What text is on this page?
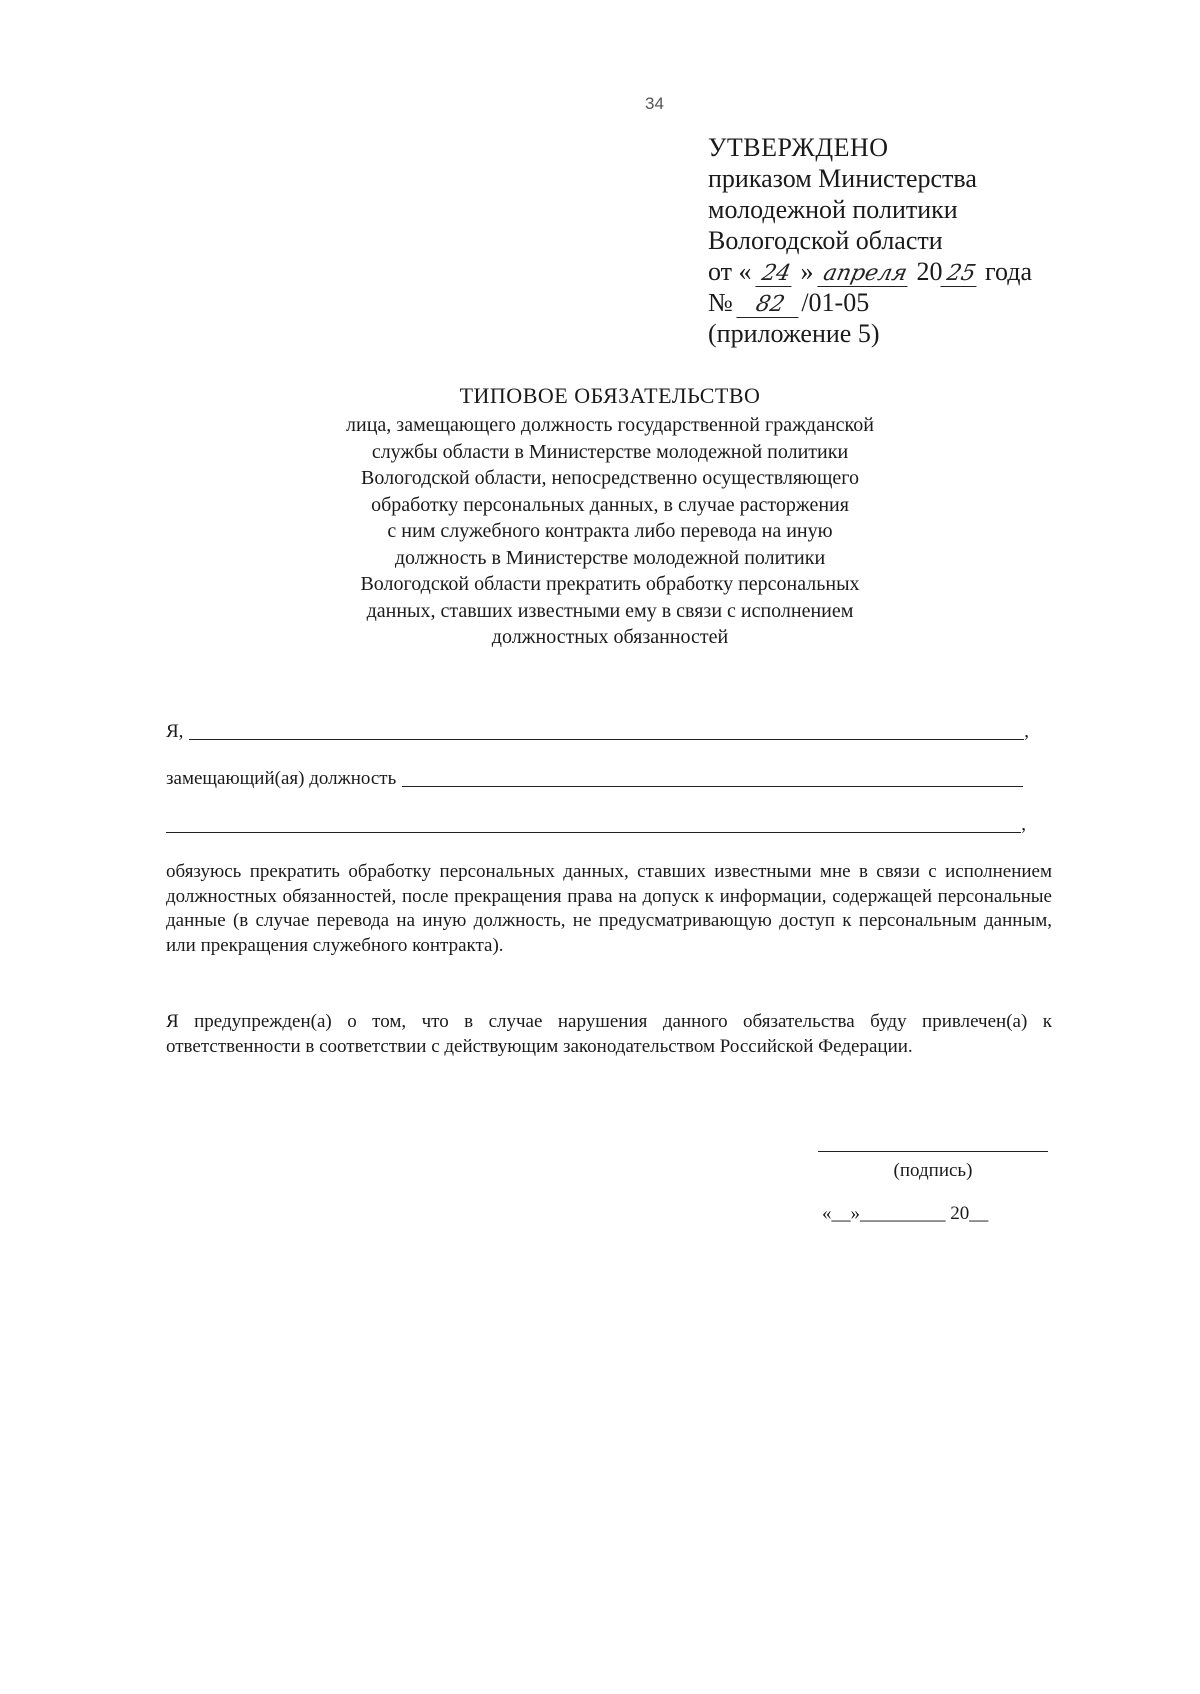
34
УТВЕРЖДЕНО
приказом Министерства
молодежной политики
Вологодской области
от « 24 » апреля 2025 года
№ 82 /01-05
(приложение 5)
ТИПОВОЕ ОБЯЗАТЕЛЬСТВО
лица, замещающего должность государственной гражданской
службы области в Министерстве молодежной политики
Вологодской области, непосредственно осуществляющего
обработку персональных данных, в случае расторжения
с ним служебного контракта либо перевода на иную
должность в Министерстве молодежной политики
Вологодской области прекратить обработку персональных
данных, ставших известными ему в связи с исполнением
должностных обязанностей
Я,	,
замещающий(ая) должность
,
обязуюсь прекратить обработку персональных данных, ставших известными мне в связи с исполнением должностных обязанностей, после прекращения права на допуск к информации, содержащей персональные данные (в случае перевода на иную должность, не предусматривающую доступ к персональным данным, или прекращения служебного контракта).
Я предупрежден(а) о том, что в случае нарушения данного обязательства буду привлечен(а) к ответственности в соответствии с действующим законодательством Российской Федерации.
(подпись)
«__»_________ 20__
